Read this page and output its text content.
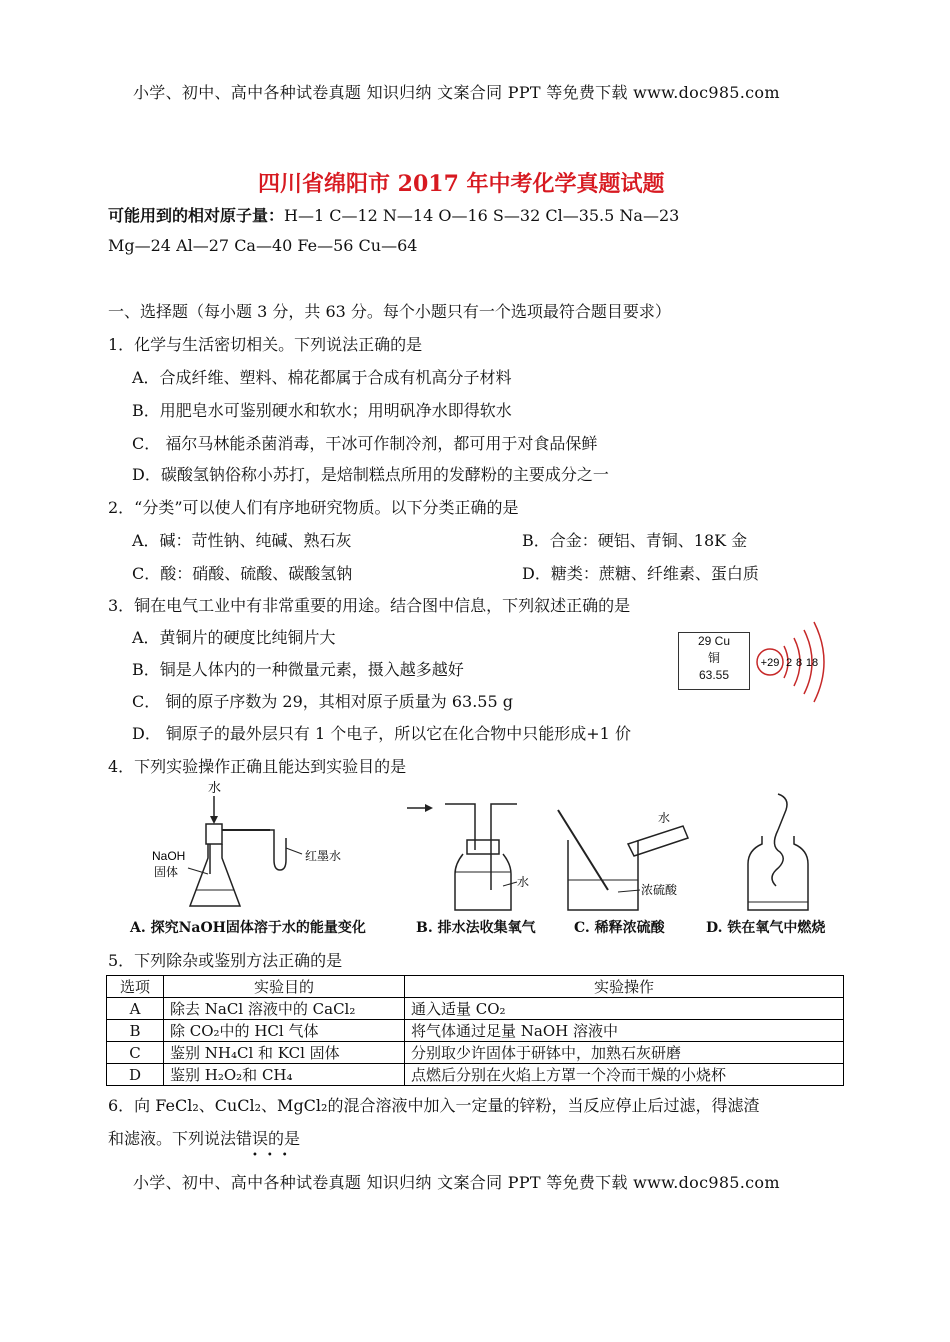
小学、初中、高中各种试卷真题 知识归纳 文案合同 PPT 等免费下载 www.doc985.com
四川省绵阳市 2017 年中考化学真题试题
可能用到的相对原子量：H—1 C—12 N—14 O—16 S—32 Cl—35.5 Na—23
Mg—24 Al—27 Ca—40 Fe—56 Cu—64
一、选择题（每小题 3 分，共 63 分。每个小题只有一个选项最符合题目要求）
1．化学与生活密切相关。下列说法正确的是
A．合成纤维、塑料、棉花都属于合成有机高分子材料
B．用肥皂水可鉴别硬水和软水；用明矾净水即得软水
C． 福尔马林能杀菌消毒，干冰可作制冷剂，都可用于对食品保鲜
D．碳酸氢钠俗称小苏打，是焙制糕点所用的发酵粉的主要成分之一
2．“分类”可以使人们有序地研究物质。以下分类正确的是
A．碱：苛性钠、纯碱、熟石灰	B．合金：硬铝、青铜、18K 金
C．酸：硝酸、硫酸、碳酸氢钠	D．糖类：蔗糖、纤维素、蛋白质
3．铜在电气工业中有非常重要的用途。结合图中信息，下列叙述正确的是
A．黄铜片的硬度比纯铜片大
B．铜是人体内的一种微量元素，摄入越多越好
C． 铜的原子序数为 29，其相对原子质量为 63.55 g
D． 铜原子的最外层只有 1 个电子，所以它在化合物中只能形成+1 价
29 Cu
铜
63.55
+29 2 8 18
4．下列实验操作正确且能达到实验目的是
水
NaOH
固体
红墨水
水
水
浓硫酸
A. 探究NaOH固体溶于水的能量变化	B. 排水法收集氧气	C. 稀释浓硫酸	D. 铁在氧气中燃烧
5．下列除杂或鉴别方法正确的是
选项	实验目的	实验操作
A	除去 NaCl 溶液中的 CaCl₂	通入适量 CO₂
B	除 CO₂中的 HCl 气体	将气体通过足量 NaOH 溶液中
C	鉴别 NH₄Cl 和 KCl 固体	分别取少许固体于研钵中，加熟石灰研磨
D	鉴别 H₂O₂和 CH₄	点燃后分别在火焰上方罩一个冷而干燥的小烧杯
6．向 FeCl₂、CuCl₂、MgCl₂的混合溶液中加入一定量的锌粉，当反应停止后过滤，得滤渣
和滤液。下列说法错误的是
•••
小学、初中、高中各种试卷真题 知识归纳 文案合同 PPT 等免费下载 www.doc985.com
